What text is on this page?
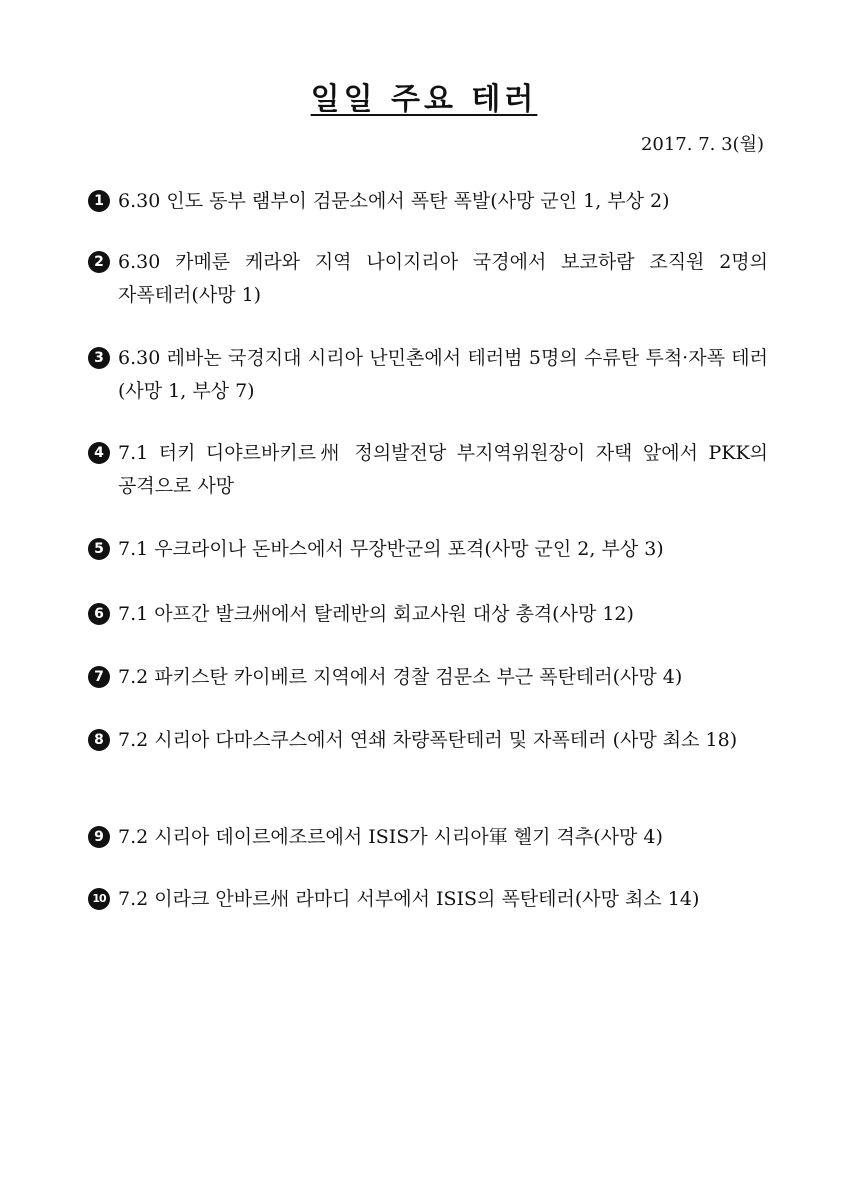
일일 주요 테러
2017. 7. 3(월)
1 6.30 인도 동부 램부이 검문소에서 폭탄 폭발(사망 군인 1, 부상 2)
2 6.30 카메룬 케라와 지역 나이지리아 국경에서 보코하람 조직원 2명의 자폭테러(사망 1)
3 6.30 레바논 국경지대 시리아 난민촌에서 테러범 5명의 수류탄 투척·자폭 테러(사망 1, 부상 7)
4 7.1 터키 디야르바키르州 정의발전당 부지역위원장이 자택 앞에서 PKK의 공격으로 사망
5 7.1 우크라이나 돈바스에서 무장반군의 포격(사망 군인 2, 부상 3)
6 7.1 아프간 발크州에서 탈레반의 회교사원 대상 총격(사망 12)
7 7.2 파키스탄 카이베르 지역에서 경찰 검문소 부근 폭탄테러(사망 4)
8 7.2 시리아 다마스쿠스에서 연쇄 차량폭탄테러 및 자폭테러 (사망 최소 18)
9 7.2 시리아 데이르에조르에서 ISIS가 시리아軍 헬기 격추(사망 4)
10 7.2 이라크 안바르州 라마디 서부에서 ISIS의 폭탄테러(사망 최소 14)
